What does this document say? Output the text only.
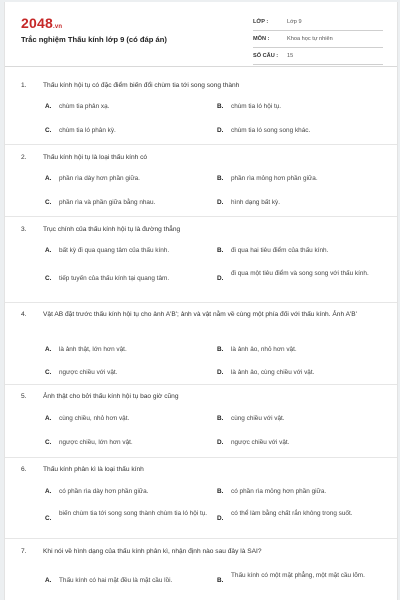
2048.vn
Trắc nghiệm Thấu kính lớp 9 (có đáp án)
LỚP :	Lớp 9
MÔN :	Khoa học tự nhiên
SỐ CÂU :	15
1.	Thấu kính hội tụ có đặc điểm biến đổi chùm tia tới song song thành
A. chùm tia phản xạ.	B. chùm tia ló hội tụ.
C. chùm tia ló phân kỳ.	D. chùm tia ló song song khác.
2.	Thấu kính hội tụ là loại thấu kính có
A. phần rìa dày hơn phần giữa.	B. phần rìa mỏng hơn phần giữa.
C. phần rìa và phần giữa bằng nhau.	D. hình dạng bất kỳ.
3.	Trục chính của thấu kính hội tụ là đường thẳng
A. bất kỳ đi qua quang tâm của thấu kính.	B. đi qua hai tiêu điểm của thấu kính.
C. tiếp tuyến của thấu kính tại quang tâm.	D.
đi qua một tiêu điểm và song song với thấu kính.
4.	Vật AB đặt trước thấu kính hội tụ cho ảnh A'B'; ảnh và vật nằm về cùng một phía đối với thấu kính. Ảnh A'B'
A. là ảnh thật, lớn hơn vật.	B. là ảnh ảo, nhỏ hơn vật.
C. ngược chiều với vật.	D. là ảnh ảo, cùng chiều với vật.
5.	Ảnh thật cho bởi thấu kính hội tụ bao giờ cũng
A. cùng chiều, nhỏ hơn vật.	B. cùng chiều với vật.
C. ngược chiều, lớn hơn vật.	D. ngược chiều với vật.
6.	Thấu kính phân kì là loại thấu kính
A. có phần rìa dày hơn phần giữa.	B. có phần rìa mỏng hơn phần giữa.
C.
biến chùm tia tới song song thành chùm tia ló hội tụ.
D.
có thể làm bằng chất rắn không trong suốt.
7.	Khi nói về hình dạng của thấu kính phân kì, nhận định nào sau đây là SAI?
A. Thấu kính có hai mặt đều là mặt cầu lồi.	B.
Thấu kính có một mặt phẳng, một mặt cầu lõm.
